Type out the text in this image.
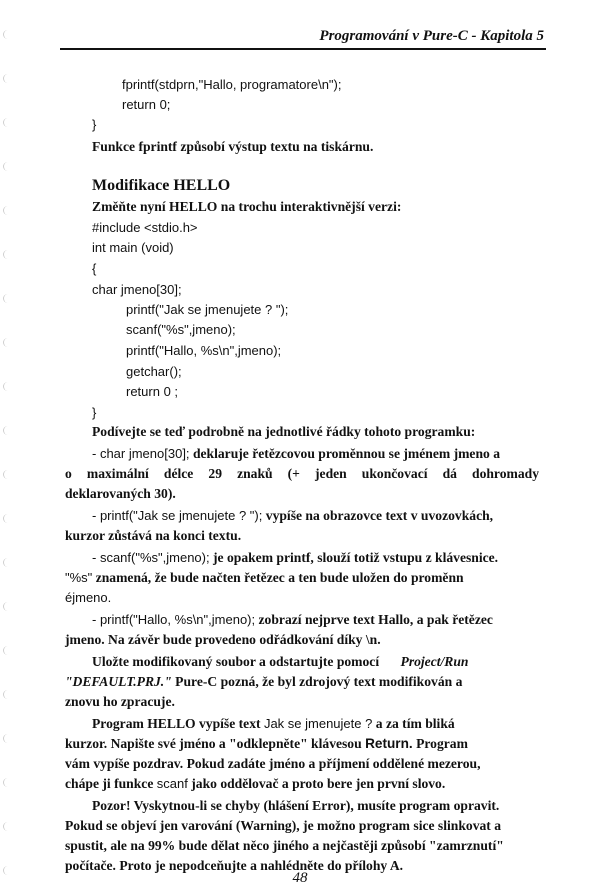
Programování v Pure-C - Kapitola 5
fprintf(stdprn,"Hallo, programatore\n");
return 0;
}
Funkce fprintf způsobí výstup textu na tiskárnu.
Modifikace HELLO
Změňte nyní HELLO na trochu interaktivnější verzi:
#include <stdio.h>
int main (void)
{
char jmeno[30];
printf("Jak se jmenujete ? ");
scanf("%s",jmeno);
printf("Hallo, %s\n",jmeno);
getchar();
return 0 ;
}
Podívejte se teď podrobně na jednotlivé řádky tohoto programku:
- char jmeno[30]; deklaruje řetězcovou proměnnou se jménem jmeno a
o maximální délce 29 znaků (+ jeden ukončovací dá dohromady
deklarovaných 30).
- printf("Jak se jmenujete ? "); vypíše na obrazovce text v uvozovkách,
kurzor zůstává na konci textu.
- scanf("%s",jmeno); je opakem printf, slouží totiž vstupu z klávesnice.
"%s" znamená, že bude načten řetězec a ten bude uložen do proměnn
éjmeno.
- printf("Hallo, %s\n",jmeno); zobrazí nejprve text Hallo, a pak řetězec
jmeno. Na závěr bude provedeno odřádkování díky \n.
Uložte modifikovaný soubor a odstartujte pomocí Project/Run
"DEFAULT.PRJ." Pure-C pozná, že byl zdrojový text modifikován a
znovu ho zpracuje.
Program HELLO vypíše text Jak se jmenujete ? a za tím bliká
kurzor. Napište své jméno a "odklepněte" klávesou Return. Program
vám vypíše pozdrav. Pokud zadáte jméno a příjmení oddělené mezerou,
chápe ji funkce scanf jako oddělovač a proto bere jen první slovo.
Pozor! Vyskytnou-li se chyby (hlášení Error), musíte program opravit.
Pokud se objeví jen varování (Warning), je možno program sice slinkovat a
spustit, ale na 99% bude dělat něco jiného a nejčastěji způsobí "zamrznutí"
počítače. Proto je nepodceňujte a nahlédněte do přílohy A.
48
